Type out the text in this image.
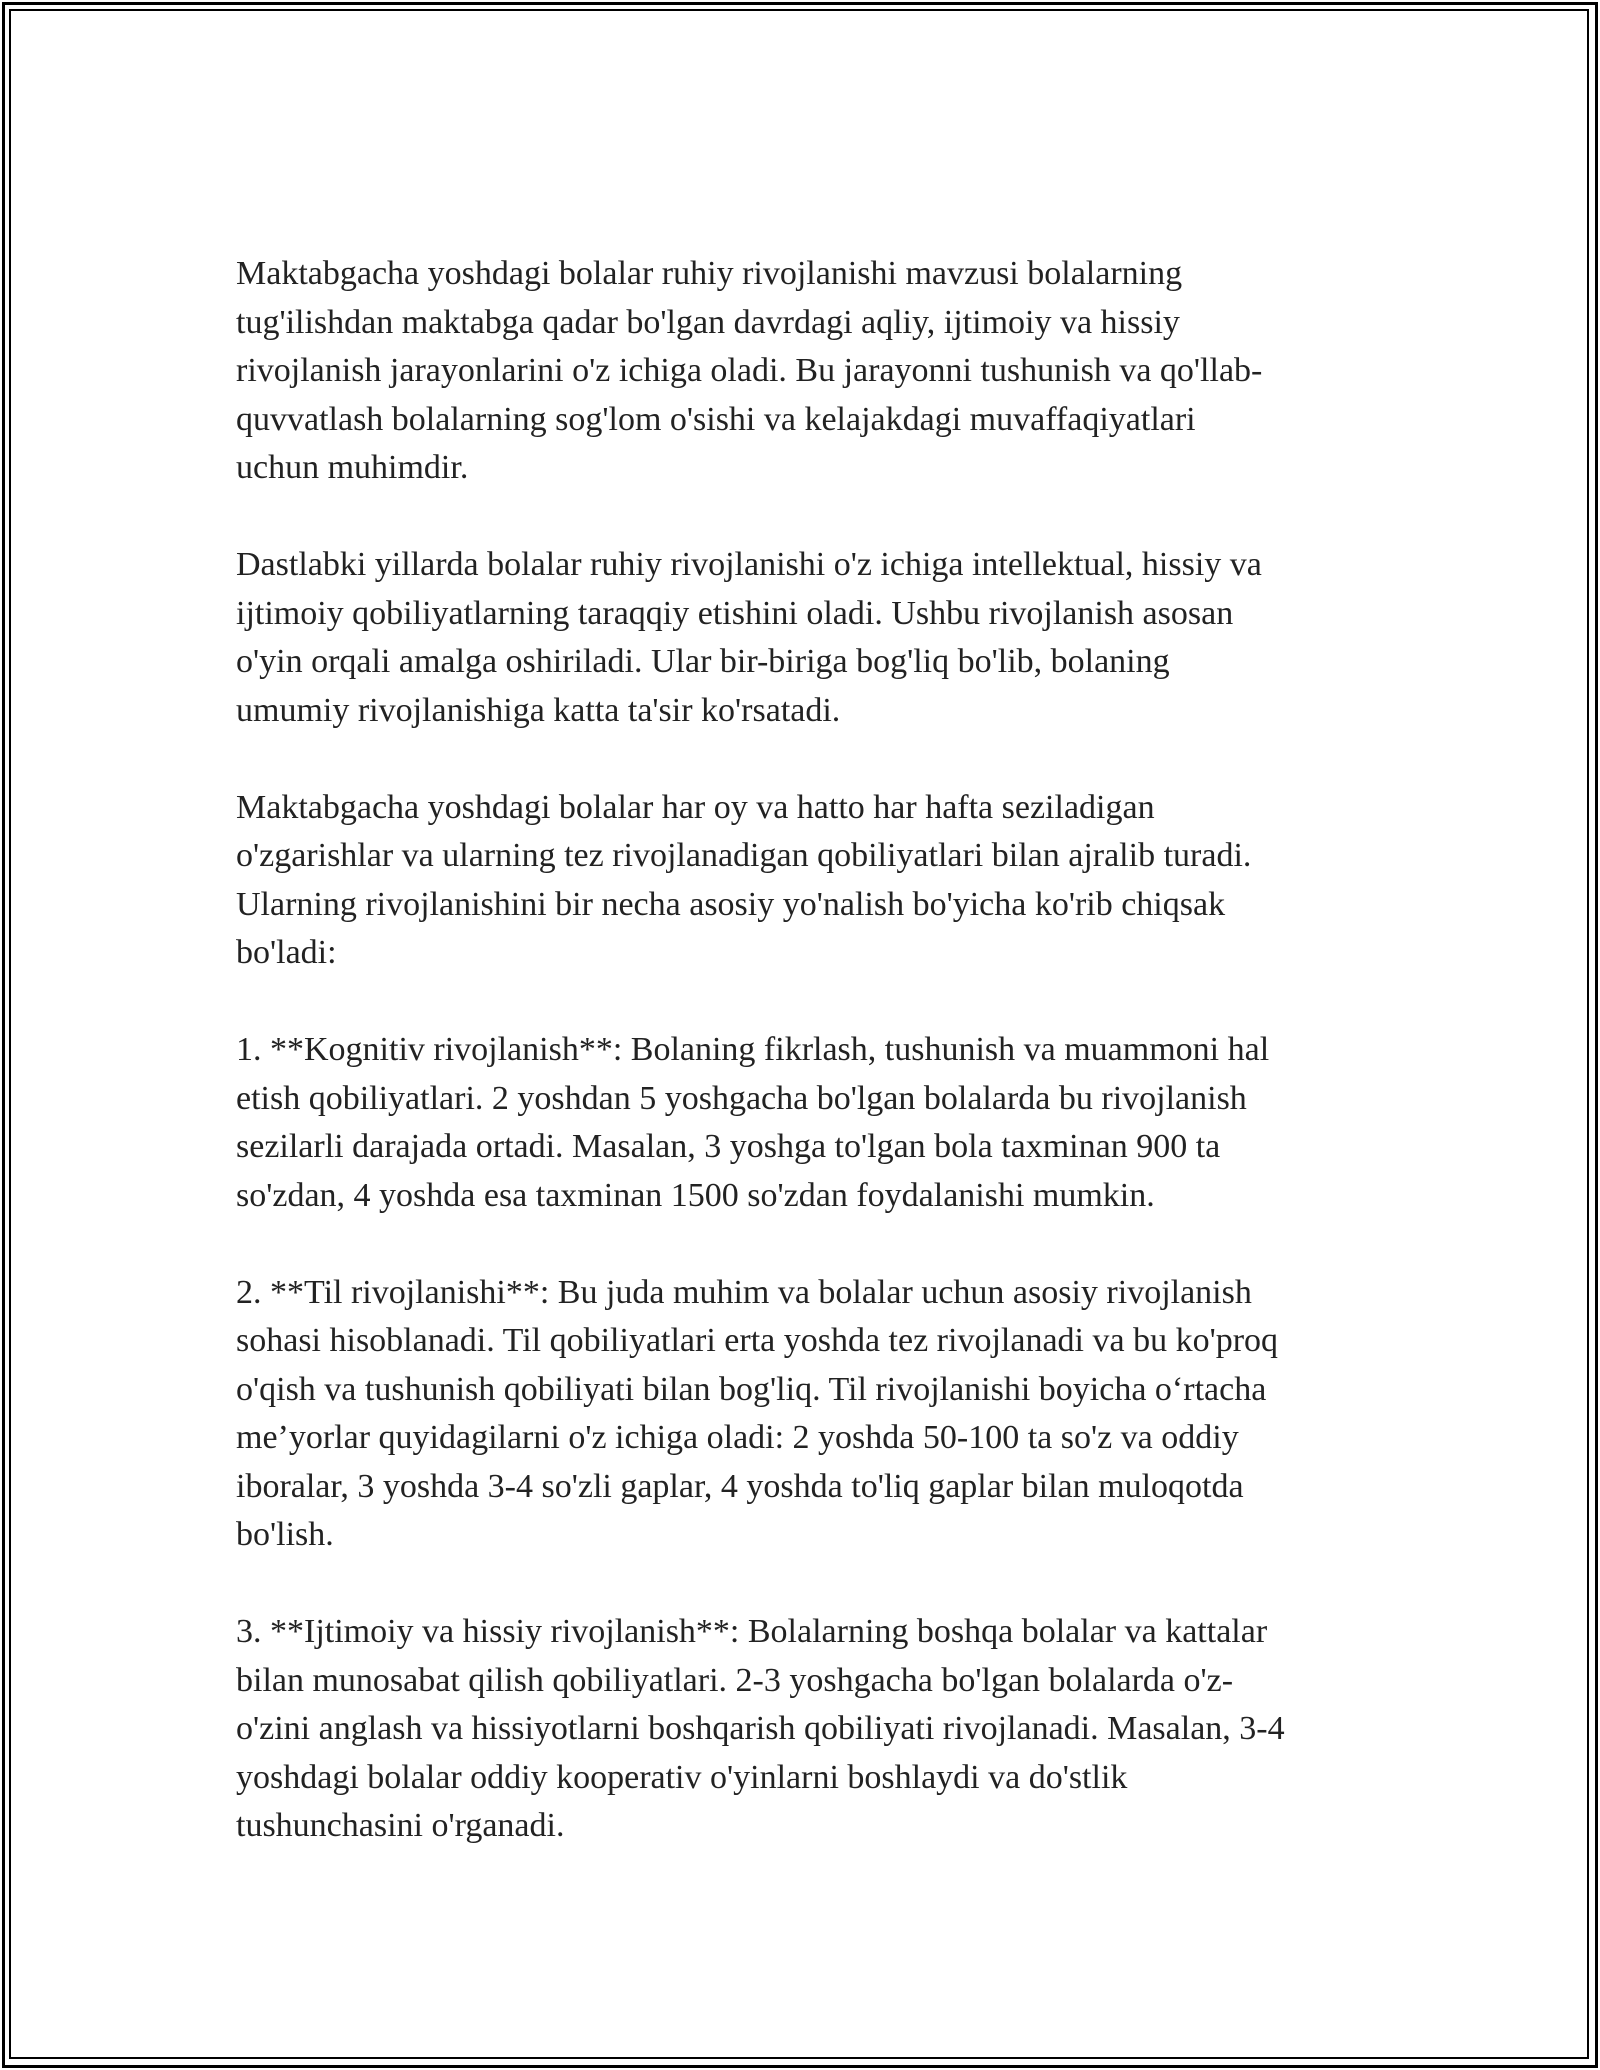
Maktabgacha yoshdagi bolalar ruhiy rivojlanishi mavzusi bolalarning
tug'ilishdan maktabga qadar bo'lgan davrdagi aqliy, ijtimoiy va hissiy
rivojlanish jarayonlarini o'z ichiga oladi. Bu jarayonni tushunish va qo'llab-
quvvatlash bolalarning sog'lom o'sishi va kelajakdagi muvaffaqiyatlari
uchun muhimdir.

Dastlabki yillarda bolalar ruhiy rivojlanishi o'z ichiga intellektual, hissiy va
ijtimoiy qobiliyatlarning taraqqiy etishini oladi. Ushbu rivojlanish asosan
o'yin orqali amalga oshiriladi. Ular bir-biriga bog'liq bo'lib, bolaning
umumiy rivojlanishiga katta ta'sir ko'rsatadi.

Maktabgacha yoshdagi bolalar har oy va hatto har hafta seziladigan
o'zgarishlar va ularning tez rivojlanadigan qobiliyatlari bilan ajralib turadi.
Ularning rivojlanishini bir necha asosiy yo'nalish bo'yicha ko'rib chiqsak
bo'ladi:

1. **Kognitiv rivojlanish**: Bolaning fikrlash, tushunish va muammoni hal
etish qobiliyatlari. 2 yoshdan 5 yoshgacha bo'lgan bolalarda bu rivojlanish
sezilarli darajada ortadi. Masalan, 3 yoshga to'lgan bola taxminan 900 ta
so'zdan, 4 yoshda esa taxminan 1500 so'zdan foydalanishi mumkin.

2. **Til rivojlanishi**: Bu juda muhim va bolalar uchun asosiy rivojlanish
sohasi hisoblanadi. Til qobiliyatlari erta yoshda tez rivojlanadi va bu ko'proq
o'qish va tushunish qobiliyati bilan bog'liq. Til rivojlanishi boyicha o‘rtacha
me’yorlar quyidagilarni o'z ichiga oladi: 2 yoshda 50-100 ta so'z va oddiy
iboralar, 3 yoshda 3-4 so'zli gaplar, 4 yoshda to'liq gaplar bilan muloqotda
bo'lish.

3. **Ijtimoiy va hissiy rivojlanish**: Bolalarning boshqa bolalar va kattalar
bilan munosabat qilish qobiliyatlari. 2-3 yoshgacha bo'lgan bolalarda o'z-
o'zini anglash va hissiyotlarni boshqarish qobiliyati rivojlanadi. Masalan, 3-4
yoshdagi bolalar oddiy kooperativ o'yinlarni boshlaydi va do'stlik
tushunchasini o'rganadi.
